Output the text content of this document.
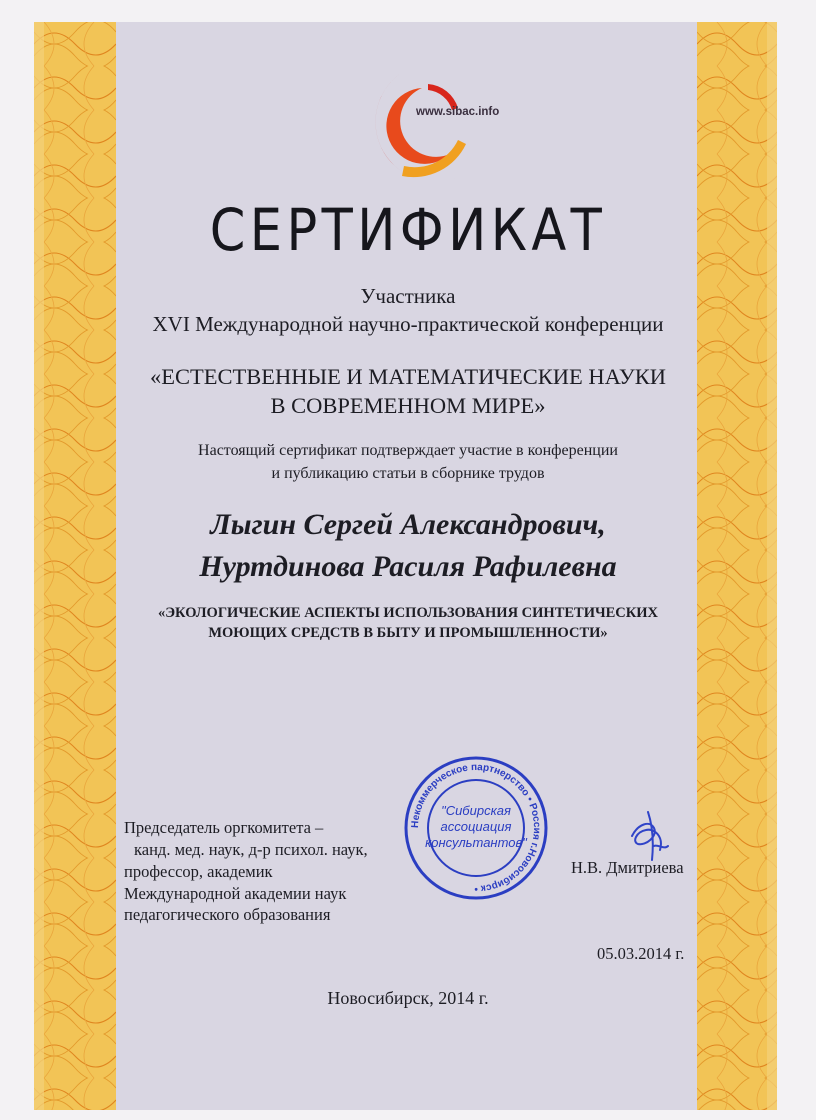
www.sibac.info
СЕРТИФИКАТ
Участника
XVI Международной научно-практической конференции
«ЕСТЕСТВЕННЫЕ И МАТЕМАТИЧЕСКИЕ НАУКИ
В СОВРЕМЕННОМ МИРЕ»
Настоящий сертификат подтверждает участие в конференции
и публикацию статьи в сборнике трудов
Лыгин Сергей Александрович,
Нуртдинова Расиля Рафилевна
«ЭКОЛОГИЧЕСКИЕ АСПЕКТЫ ИСПОЛЬЗОВАНИЯ СИНТЕТИЧЕСКИХ
МОЮЩИХ СРЕДСТВ В БЫТУ И ПРОМЫШЛЕННОСТИ»
Председатель оргкомитета –
канд. мед. наук, д-р психол. наук,
профессор, академик
Международной академии наук
педагогического образования
Некоммерческое партнерство • Россия г.Новосибирск •
"Сибирская
ассоциация
консультантов"
Н.В. Дмитриева
05.03.2014 г.
Новосибирск, 2014 г.
